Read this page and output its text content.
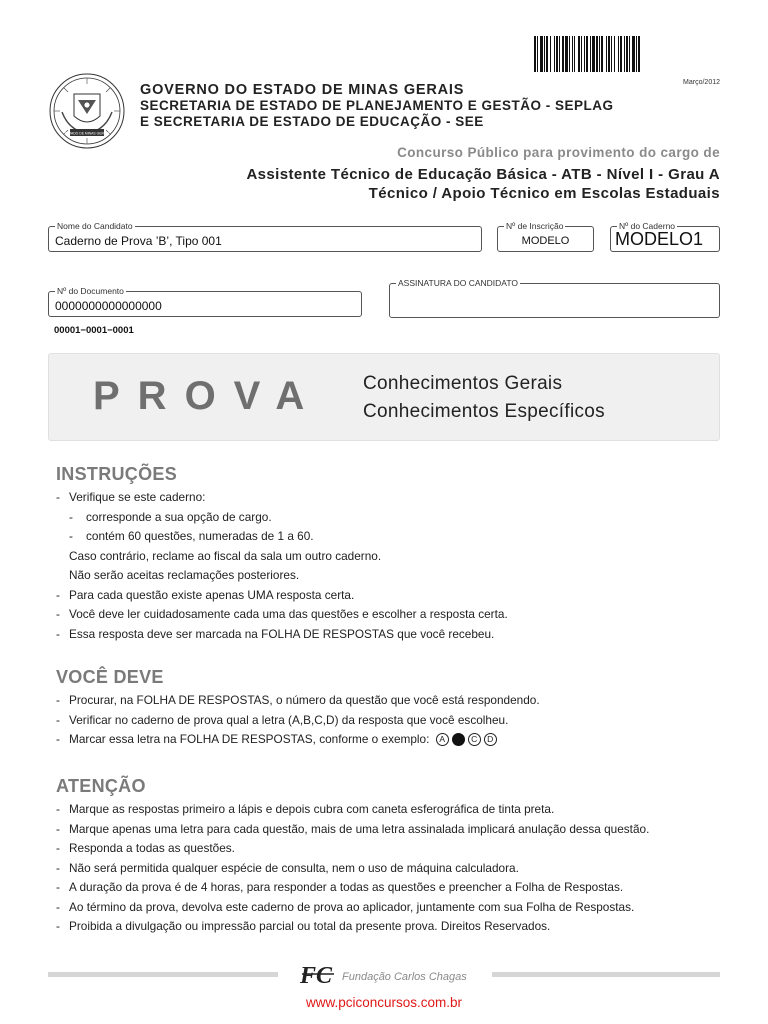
Março/2012
ESTADO DE MINAS GERAIS
GOVERNO DO ESTADO DE MINAS GERAIS
SECRETARIA DE ESTADO DE PLANEJAMENTO E GESTÃO - SEPLAG
E SECRETARIA DE ESTADO DE EDUCAÇÃO - SEE
Concurso Público para provimento do cargo de
Assistente Técnico de Educação Básica - ATB - Nível I - Grau A
Técnico / Apoio Técnico em Escolas Estaduais
Nome do Candidato
Caderno de Prova ’B’, Tipo 001
Nº de Inscrição
MODELO
Nº do Caderno
MODELO1
Nº do Documento
0000000000000000
ASSINATURA DO CANDIDATO
00001−0001−0001
PROVA Conhecimentos Gerais
Conhecimentos Específicos
INSTRUÇÕES
- Verifique se este caderno:
- corresponde a sua opção de cargo.
- contém 60 questões, numeradas de 1 a 60.
Caso contrário, reclame ao fiscal da sala um outro caderno.
Não serão aceitas reclamações posteriores.
- Para cada questão existe apenas UMA resposta certa.
- Você deve ler cuidadosamente cada uma das questões e escolher a resposta certa.
- Essa resposta deve ser marcada na FOLHA DE RESPOSTAS que você recebeu.
VOCÊ DEVE
- Procurar, na FOLHA DE RESPOSTAS, o número da questão que você está respondendo.
- Verificar no caderno de prova qual a letra (A,B,C,D) da resposta que você escolheu.
- Marcar essa letra na FOLHA DE RESPOSTAS, conforme o exemplo: A	C D
ATENÇÃO
- Marque as respostas primeiro a lápis e depois cubra com caneta esferográfica de tinta preta.
- Marque apenas uma letra para cada questão, mais de uma letra assinalada implicará anulação dessa questão.
- Responda a todas as questões.
- Não será permitida qualquer espécie de consulta, nem o uso de máquina calculadora.
- A duração da prova é de 4 horas, para responder a todas as questões e preencher a Folha de Respostas.
- Ao término da prova, devolva este caderno de prova ao aplicador, juntamente com sua Folha de Respostas.
- Proibida a divulgação ou impressão parcial ou total da presente prova. Direitos Reservados.
FC Fundação Carlos Chagas
www.pciconcursos.com.br
